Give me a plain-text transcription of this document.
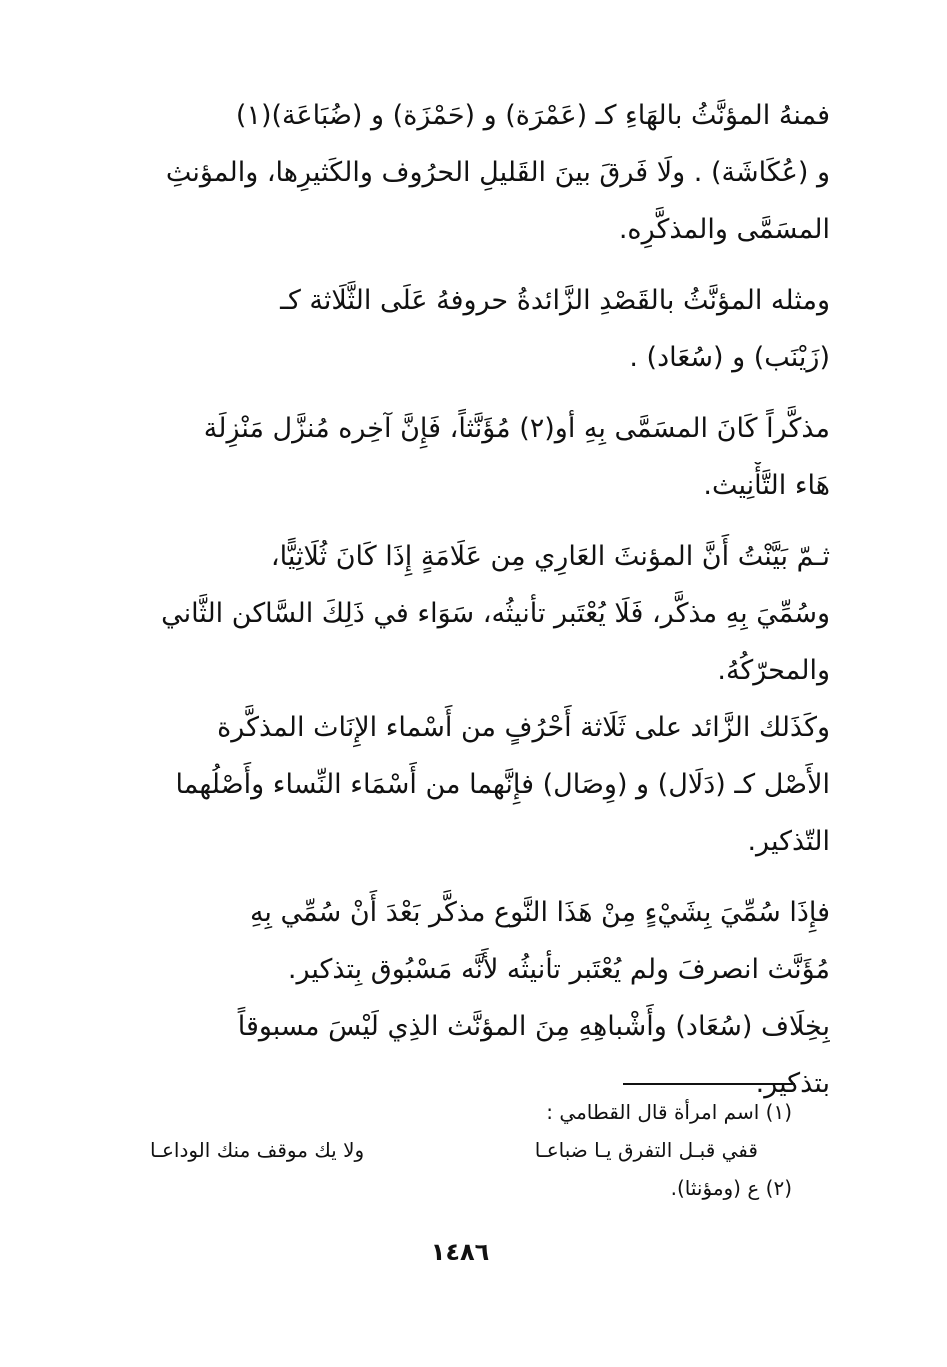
فمنهُ المؤنَّثُ بالهَاءِ كـ (عَمْرَة) و (حَمْزَة) و (ضُبَاعَة)(١)
و (عُكَاشَة) . ولَا فَرقَ بينَ القَليلِ الحرُوف والكَثيرِها، والمؤنثِ
المسَمَّى والمذكَّرِه.
ومثله المؤنَّثُ بالقَصْدِ الزَّائدةُ حروفهُ عَلَى الثَّلَاثة كـ
(زَيْنَب) و (سُعَاد) .
مذكَّراً كَانَ المسَمَّى بِهِ أو(٢) مُؤَنَّثاً، فَإِنَّ آخِره مُنزَّل مَنْزِلَة
هَاء التَّأْنِيث.
ثـمّ بَيَّنْتُ أَنَّ المؤنثَ العَارِي مِن عَلَامَةٍ إِذَا كَانَ ثُلَاثِيًّا،
وسُمِّيَ بِهِ مذكَّر، فَلَا يُعْتَبر تأنيثُه، سَوَاء في ذَلِكَ السَّاكن الثَّاني
والمحرّكُهُ.
وكَذَلك الزَّائد على ثَلَاثة أَحْرُفٍ من أَسْماء الإِنَاث المذكَّرة
الأَصْل كـ (دَلَال) و (وِصَال) فإِنَّهما من أَسْمَاء النِّساء وأَصْلُهما
التّذكير.
فإِذَا سُمِّيَ بِشَيْءٍ مِنْ هَذَا النَّوع مذكَّر بَعْدَ أَنْ سُمِّي بِهِ
مُؤَنَّث انصرفَ ولم يُعْتَبر تأنيثُه لأَنَّه مَسْبُوق بِتذكير.
بِخِلَاف (سُعَاد) وأَشْباهِهِ مِنَ المؤنَّث الذِي لَيْسَ مسبوقاً
بتذكير.
(١) اسم امرأة قال القطامي :
قفي قبـل التفرق يـا ضباعـا
ولا يك موقف منك الوداعـا
(٢) ع (ومؤنثا).
١٤٨٦
